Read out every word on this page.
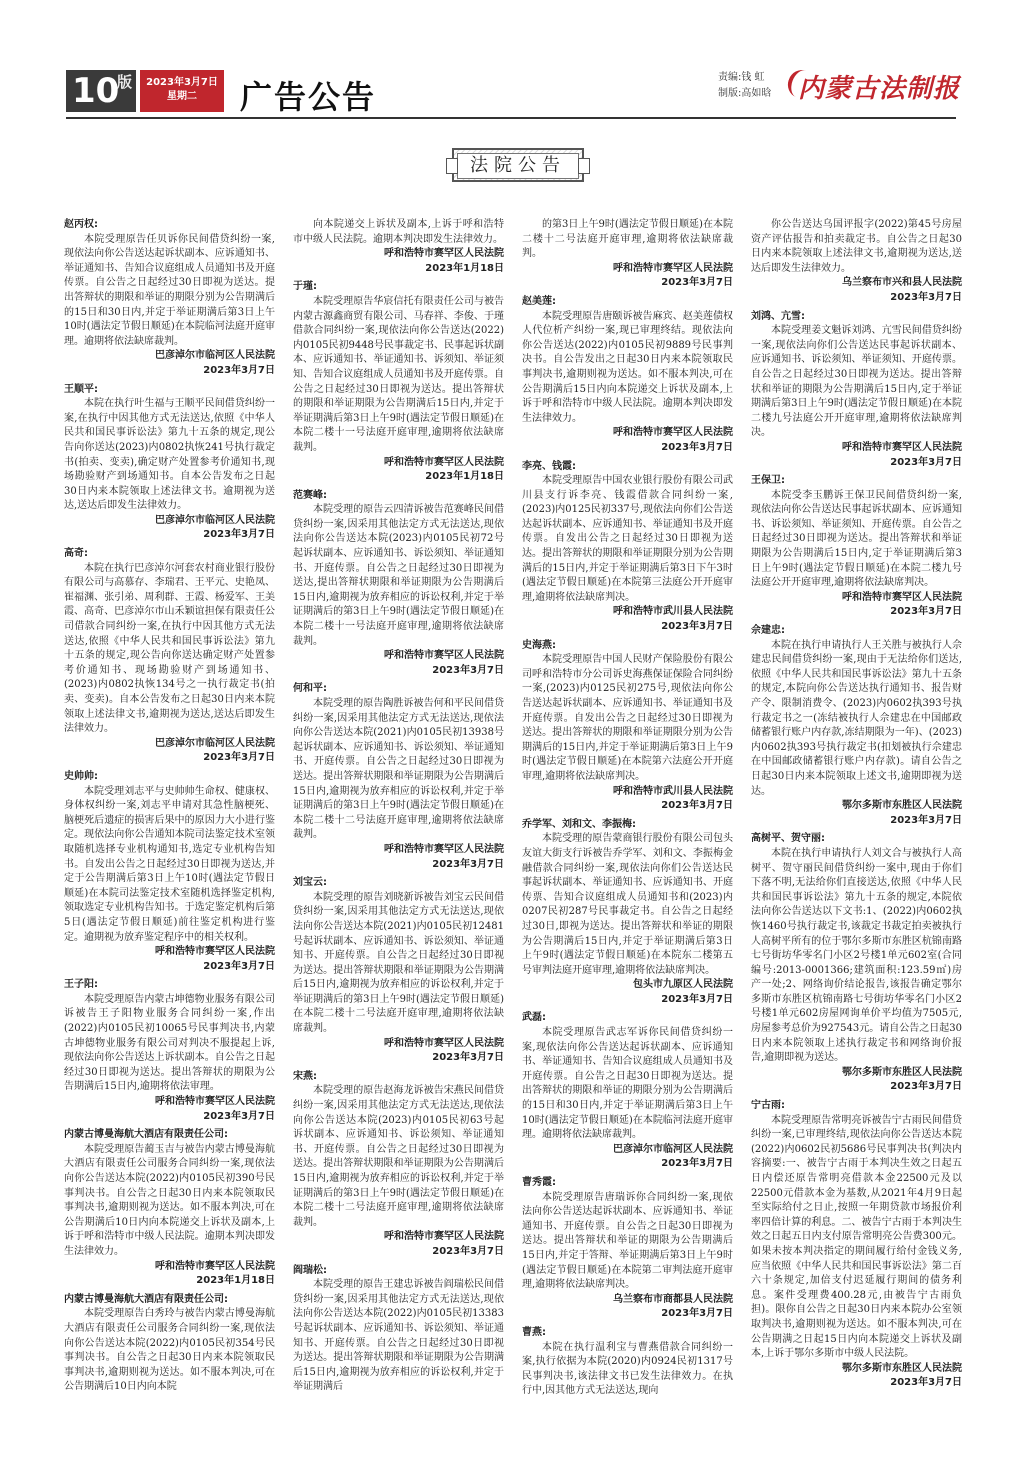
10
版	2023年3月7日
星期二	广告公告
责编:钱 虹
制版:高如晗 内蒙古法制报
法院公告
赵丙权:
本院受理原告任贝诉你民间借贷纠纷一案,现依法向你公告送达起诉状副本、应诉通知书、举证通知书、告知合议庭组成人员通知书及开庭传票。自公告之日起经过30日即视为送达。提出答辩状的期限和举证的期限分别为公告期满后的15日和30日内,并定于举证期满后第3日上午10时(遇法定节假日顺延)在本院临河法庭开庭审理。逾期将依法缺席裁判。
巴彦淖尔市临河区人民法院
2023年3月7日
王顺平:
本院在执行叶生福与王顺平民间借贷纠纷一案,在执行中因其他方式无法送达,依照《中华人民共和国民事诉讼法》第九十五条的规定,现公告向你送达(2023)内0802执恢241号执行裁定书(拍卖、变卖),确定财产处置参考价通知书,现场勘验财产到场通知书。自本公告发布之日起30日内来本院领取上述法律文书。逾期视为送达,送达后即发生法律效力。
巴彦淖尔市临河区人民法院
2023年3月7日
高奇:
本院在执行巴彦淖尔河套农村商业银行股份有限公司与高慕存、李瑞君、王平元、史艳凤、崔福渊、张引弟、周利群、王霞、杨爱军、王美霞、高奇、巴彦淖尔市山禾颖谊担保有限责任公司借款合同纠纷一案,在执行中因其他方式无法送达,依照《中华人民共和国民事诉讼法》第九十五条的规定,现公告向你送达确定财产处置参考价通知书、现场勘验财产到场通知书、(2023)内0802执恢134号之一执行裁定书(拍卖、变卖)。自本公告发布之日起30日内来本院领取上述法律文书,逾期视为送达,送达后即发生法律效力。
巴彦淖尔市临河区人民法院
2023年3月7日
史帅帅:
本院受理刘志平与史帅帅生命权、健康权、身体权纠纷一案,刘志平申请对其急性脑梗死、脑梗死后遗症的损害后果中的原因力大小进行鉴定。现依法向你公告通知本院司法鉴定技术室领取随机选择专业机构通知书,选定专业机构告知书。自发出公告之日起经过30日即视为送达,并定于公告期满后第3日上午10时(遇法定节假日顺延)在本院司法鉴定技术室随机选择鉴定机构,领取选定专业机构告知书。于选定鉴定机构后第5日(遇法定节假日顺延)前往鉴定机构进行鉴定。逾期视为放弃鉴定程序中的相关权利。
呼和浩特市赛罕区人民法院
2023年3月7日
王子阳:
本院受理原告内蒙古坤德物业服务有限公司诉被告王子阳物业服务合同纠纷一案,作出(2022)内0105民初10065号民事判决书,内蒙古坤德物业服务有限公司对判决不服提起上诉,现依法向你公告送达上诉状副本。自公告之日起经过30日即视为送达。提出答辩状的期限为公告期满后15日内,逾期将依法审理。
呼和浩特市赛罕区人民法院
2023年3月7日
内蒙古博曼海航大酒店有限责任公司:
本院受理原告蔺玉吉与被告内蒙古博曼海航大酒店有限责任公司服务合同纠纷一案,现依法向你公告送达本院(2022)内0105民初390号民事判决书。自公告之日起30日内来本院领取民事判决书,逾期则视为送达。如不服本判决,可在公告期满后10日内向本院递交上诉状及副本,上诉于呼和浩特市中级人民法院。逾期本判决即发生法律效力。
呼和浩特市赛罕区人民法院
2023年1月18日
内蒙古博曼海航大酒店有限责任公司:
本院受理原告白秀玲与被告内蒙古博曼海航大酒店有限责任公司服务合同纠纷一案,现依法向你公告送达本院(2022)内0105民初354号民事判决书。自公告之日起30日内来本院领取民事判决书,逾期则视为送达。如不服本判决,可在公告期满后10日内向本院
向本院递交上诉状及副本,上诉于呼和浩特市中级人民法院。逾期本判决即发生法律效力。
呼和浩特市赛罕区人民法院
2023年1月18日
于瑾:
本院受理原告华宸信托有限责任公司与被告内蒙古源鑫商贸有限公司、马春祥、李俊、于瑾借款合同纠纷一案,现依法向你公告送达(2022)内0105民初9448号民事裁定书、民事起诉状副本、应诉通知书、举证通知书、诉须知、举证须知、告知合议庭组成人员通知书及开庭传票。自公告之日起经过30日即视为送达。提出答辩状的期限和举证期限为公告期满后15日内,并定于举证期满后第3日上午9时(遇法定节假日顺延)在本院二楼十一号法庭开庭审理,逾期将依法缺席裁判。
呼和浩特市赛罕区人民法院
2023年1月18日
范赛峰:
本院受理的原告云四清诉被告范赛峰民间借贷纠纷一案,因采用其他法定方式无法送达,现依法向你公告送达本院(2023)内0105民初72号起诉状副本、应诉通知书、诉讼须知、举证通知书、开庭传票。自公告之日起经过30日即视为送达,提出答辩状期限和举证期限为公告期满后15日内,逾期视为放弃相应的诉讼权利,并定于举证期满后的第3日上午9时(遇法定节假日顺延)在本院二楼十一号法庭开庭审理,逾期将依法缺席裁判。
呼和浩特市赛罕区人民法院
2023年3月7日
何和平:
本院受理的原告陶胜诉被告何和平民间借贷纠纷一案,因采用其他法定方式无法送达,现依法向你公告送达本院(2021)内0105民初13938号起诉状副本、应诉通知书、诉讼须知、举证通知书、开庭传票。自公告之日起经过30日即视为送达。提出答辩状期限和举证期限为公告期满后15日内,逾期视为放弃相应的诉讼权利,并定于举证期满后的第3日上午9时(遇法定节假日顺延)在本院二楼十二号法庭开庭审理,逾期将依法缺席裁判。
呼和浩特市赛罕区人民法院
2023年3月7日
刘宝云:
本院受理的原告刘晓新诉被告刘宝云民间借贷纠纷一案,因采用其他法定方式无法送达,现依法向你公告送达本院(2021)内0105民初12481号起诉状副本、应诉通知书、诉讼须知、举证通知书、开庭传票。自公告之日起经过30日即视为送达。提出答辩状期限和举证期限为公告期满后15日内,逾期视为放弃相应的诉讼权利,并定于举证期满后的第3日上午9时(遇法定节假日顺延)在本院二楼十二号法庭开庭审理,逾期将依法缺席裁判。
呼和浩特市赛罕区人民法院
2023年3月7日
宋燕:
本院受理的原告赵海龙诉被告宋燕民间借贷纠纷一案,因采用其他法定方式无法送达,现依法向你公告送达本院(2023)内0105民初63号起诉状副本、应诉通知书、诉讼须知、举证通知书、开庭传票。自公告之日起经过30日即视为送达。提出答辩状期限和举证期限为公告期满后15日内,逾期视为放弃相应的诉讼权利,并定于举证期满后的第3日上午9时(遇法定节假日顺延)在本院二楼十二号法庭开庭审理,逾期将依法缺席裁判。
呼和浩特市赛罕区人民法院
2023年3月7日
阎瑞松:
本院受理的原告王建忠诉被告阎瑞松民间借贷纠纷一案,因采用其他法定方式无法送达,现依法向你公告送达本院(2022)内0105民初13383号起诉状副本、应诉通知书、诉讼须知、举证通知书、开庭传票。自公告之日起经过30日即视为送达。提出答辩状期限和举证期限为公告期满后15日内,逾期视为放弃相应的诉讼权利,并定于举证期满后
的第3日上午9时(遇法定节假日顺延)在本院二楼十二号法庭开庭审理,逾期将依法缺席裁判。
呼和浩特市赛罕区人民法院
2023年3月7日
赵美莲:
本院受理原告唐颐诉被告麻宾、赵美莲债权人代位析产纠纷一案,现已审理终结。现依法向你公告送达(2022)内0105民初9889号民事判决书。自公告发出之日起30日内来本院领取民事判决书,逾期则视为送达。如不服本判决,可在公告期满后15日内向本院递交上诉状及副本,上诉于呼和浩特市中级人民法院。逾期本判决即发生法律效力。
呼和浩特市赛罕区人民法院
2023年3月7日
李亮、钱霞:
本院受理原告中国农业银行股份有限公司武川县支行诉李亮、钱霞借款合同纠纷一案,(2023)内0125民初337号,现依法向你们公告送达起诉状副本、应诉通知书、举证通知书及开庭传票。自发出公告之日起经过30日即视为送达。提出答辩状的期限和举证期限分别为公告期满后的15日内,并定于举证期满后第3日下午3时(遇法定节假日顺延)在本院第三法庭公开开庭审理,逾期将依法缺席判决。
呼和浩特市武川县人民法院
2023年3月7日
史海燕:
本院受理原告中国人民财产保险股份有限公司呼和浩特市分公司诉史海燕保证保险合同纠纷一案,(2023)内0125民初275号,现依法向你公告送达起诉状副本、应诉通知书、举证通知书及开庭传票。自发出公告之日起经过30日即视为送达。提出答辩状的期限和举证期限分别为公告期满后的15日内,并定于举证期满后第3日上午9时(遇法定节假日顺延)在本院第六法庭公开开庭审理,逾期将依法缺席判决。
呼和浩特市武川县人民法院
2023年3月7日
乔学军、刘和文、李振梅:
本院受理的原告蒙商银行股份有限公司包头友谊大街支行诉被告乔学军、刘和文、李振梅金融借款合同纠纷一案,现依法向你们公告送达民事起诉状副本、举证通知书、应诉通知书、开庭传票、告知合议庭组成人员通知书和(2023)内0207民初287号民事裁定书。自公告之日起经过30日,即视为送达。提出答辩状和举证的期限为公告期满后15日内,并定于举证期满后第3日上午9时(遇法定节假日顺延)在本院东二楼第五号审判法庭开庭审理,逾期将依法缺席判决。
包头市九原区人民法院
2023年3月7日
武磊:
本院受理原告武志军诉你民间借贷纠纷一案,现依法向你公告送达起诉状副本、应诉通知书、举证通知书、告知合议庭组成人员通知书及开庭传票。自公告之日起30日即视为送达。提出答辩状的期限和举证的期限分别为公告期满后的15日和30日内,并定于举证期满后第3日上午10时(遇法定节假日顺延)在本院临河法庭开庭审理。逾期将依法缺席裁判。
巴彦淖尔市临河区人民法院
2023年3月7日
曹秀霞:
本院受理原告唐瑞诉你合同纠纷一案,现依法向你公告送达起诉状副本、应诉通知书、举证通知书、开庭传票。自公告之日起30日即视为送达。提出答辩状和举证的期限为公告期满后15日内,并定于答辩、举证期满后第3日上午9时(遇法定节假日顺延)在本院第二审判法庭开庭审理,逾期将依法缺席判决。
乌兰察布市商都县人民法院
2023年3月7日
曹燕:
本院在执行温利宝与曹燕借款合同纠纷一案,执行依据为本院(2020)内0924民初1317号民事判决书,该法律文书已发生法律效力。在执行中,因其他方式无法送达,现向
你公告送达乌国评报字(2022)第45号房屋资产评估报告和拍卖裁定书。自公告之日起30日内来本院领取上述法律文书,逾期视为送达,送达后即发生法律效力。
乌兰察布市兴和县人民法院
2023年3月7日
刘鸿、亢雪:
本院受理姜文魁诉刘鸿、亢雪民间借贷纠纷一案,现依法向你们公告送达民事起诉状副本、应诉通知书、诉讼须知、举证须知、开庭传票。自公告之日起经过30日即视为送达。提出答辩状和举证的期限为公告期满后15日内,定于举证期满后第3日上午9时(遇法定节假日顺延)在本院二楼九号法庭公开开庭审理,逾期将依法缺席判决。
呼和浩特市赛罕区人民法院
2023年3月7日
王保卫:
本院受李玉鹏诉王保卫民间借贷纠纷一案,现依法向你公告送达民事起诉状副本、应诉通知书、诉讼须知、举证须知、开庭传票。自公告之日起经过30日即视为送达。提出答辩状和举证期限为公告期满后15日内,定于举证期满后第3日上午9时(遇法定节假日顺延)在本院二楼九号法庭公开开庭审理,逾期将依法缺席判决。
呼和浩特市赛罕区人民法院
2023年3月7日
佘建忠:
本院在执行申请执行人王关胜与被执行人佘建忠民间借贷纠纷一案,现由于无法给你们送达,依照《中华人民共和国民事诉讼法》第九十五条的规定,本院向你公告送达执行通知书、报告财产令、限制消费令、(2023)内0602执393号执行裁定书之一(冻结被执行人佘建忠在中国邮政储蓄银行账户内存款,冻结期限为一年)、(2023)内0602执393号执行裁定书(扣划被执行佘建忠在中国邮政储蓄银行账户内存款)。请自公告之日起30日内来本院领取上述文书,逾期即视为送达。
鄂尔多斯市东胜区人民法院
2023年3月7日
高树平、贺守丽:
本院在执行申请执行人刘文合与被执行人高树平、贺守丽民间借贷纠纷一案中,现由于你们下落不明,无法给你们直接送达,依照《中华人民共和国民事诉讼法》第九十五条的规定,本院依法向你公告送达以下文书:1、(2022)内0602执恢1460号执行裁定书,该裁定书裁定拍卖被执行人高树平所有的位于鄂尔多斯市东胜区杭锦南路七号街坊华零名门小区2号楼1单元602室(合同编号:2013-0001366;建筑面积:123.59㎡)房产一处;2、网络询价结论报告,该报告确定鄂尔多斯市东胜区杭锦南路七号街坊华零名门小区2号楼1单元602房屋网询单价平均值为7505元,房屋参考总价为927543元。请自公告之日起30日内来本院领取上述执行裁定书和网络询价报告,逾期即视为送达。
鄂尔多斯市东胜区人民法院
2023年3月7日
宁古雨:
本院受理原告常明亮诉被告宁古雨民间借贷纠纷一案,已审理终结,现依法向你公告送达本院(2022)内0602民初5686号民事判决书(判决内容摘要:一、被告宁古雨于本判决生效之日起五日内偿还原告常明亮借款本金22500元及以22500元借款本金为基数,从2021年4月9日起至实际给付之日止,按照一年期贷款市场报价利率四倍计算的利息。二、被告宁古雨于本判决生效之日起五日内支付原告常明亮公告费300元。如果未按本判决指定的期间履行给付金钱义务,应当依照《中华人民共和国民事诉讼法》第二百六十条规定,加倍支付迟延履行期间的债务利息。案件受理费400.28元,由被告宁古雨负担)。限你自公告之日起30日内来本院办公室领取判决书,逾期则视为送达。如不服本判决,可在公告期满之日起15日内向本院递交上诉状及副本,上诉于鄂尔多斯市中级人民法院。
鄂尔多斯市东胜区人民法院
2023年3月7日
